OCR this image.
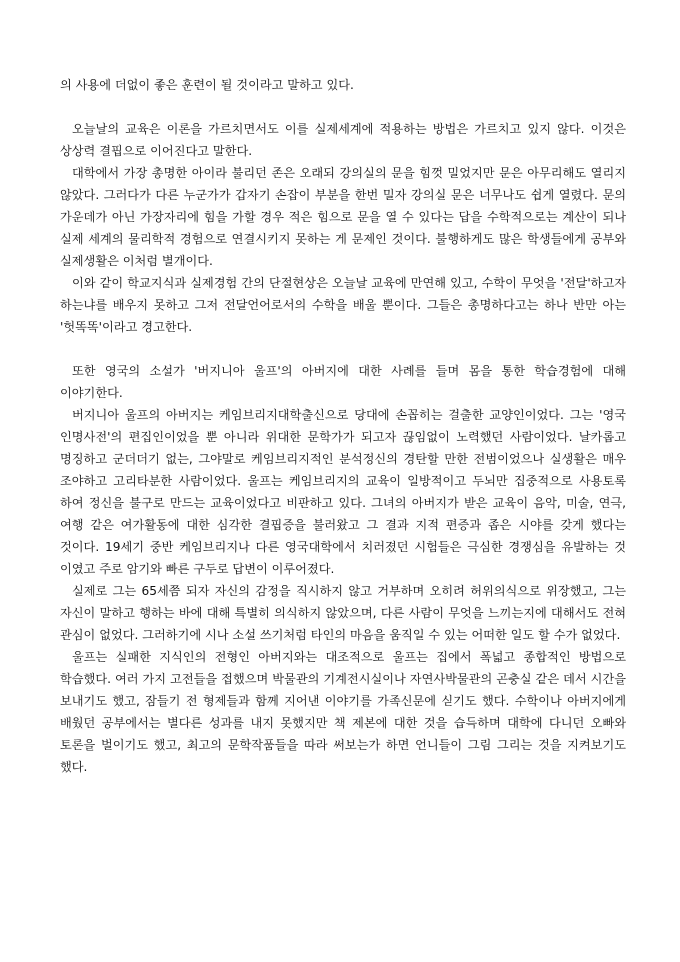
의 사용에 더없이 좋은 훈련이 될 것이라고 말하고 있다.

오늘날의 교육은 이론을 가르치면서도 이를 실제세계에 적용하는 방법은 가르치고 있지 않다. 이것은 상상력 결핍으로 이어진다고 말한다.

대학에서 가장 총명한 아이라 불리던 존은 오래되 강의실의 문을 힘껏 밀었지만 문은 아무리해도 열리지 않았다. 그러다가 다른 누군가가 갑자기 손잡이 부분을 한번 밀자 강의실 문은 너무나도 쉽게 열렸다. 문의 가운데가 아닌 가장자리에 힘을 가할 경우 적은 힘으로 문을 열 수 있다는 답을 수학적으로는 계산이 되나 실제 세계의 물리학적 경험으로 연결시키지 못하는 게 문제인 것이다. 불행하게도 많은 학생들에게 공부와 실제생활은 이처럼 별개이다.

이와 같이 학교지식과 실제경험 간의 단절현상은 오늘날 교육에 만연해 있고, 수학이 무엇을 '전달'하고자 하는냐를 배우지 못하고 그저 전달언어로서의 수학을 배울 뿐이다. 그들은 총명하다고는 하나 반만 아는 '헛똑똑'이라고 경고한다.

또한 영국의 소설가 '버지니아 울프'의 아버지에 대한 사례를 들며 몸을 통한 학습경험에 대해 이야기한다.

버지니아 울프의 아버지는 케임브리지대학출신으로 당대에 손꼽히는 걸출한 교양인이었다. 그는 '영국 인명사전'의 편집인이었을 뿐 아니라 위대한 문학가가 되고자 끊임없이 노력했던 사람이었다. 날카롭고 명징하고 군더더기 없는, 그야말로 케임브리지적인 분석정신의 경탄할 만한 전범이었으나 실생활은 매우 조야하고 고리타분한 사람이었다. 울프는 케임브리지의 교육이 일방적이고 두뇌만 집중적으로 사용토록 하여 정신을 불구로 만드는 교육이었다고 비판하고 있다. 그녀의 아버지가 받은 교육이 음악, 미술, 연극, 여행 같은 여가활동에 대한 심각한 결핍증을 불러왔고 그 결과 지적 편증과 좁은 시야를 갖게 했다는 것이다. 19세기 중반 케임브리지나 다른 영국대학에서 치러졌던 시험들은 극심한 경쟁심을 유발하는 것 이였고 주로 암기와 빠른 구두로 답변이 이루어졌다.

실제로 그는 65세쯤 되자 자신의 감정을 직시하지 않고 거부하며 오히려 허위의식으로 위장했고, 그는 자신이 말하고 행하는 바에 대해 특별히 의식하지 않았으며, 다른 사람이 무엇을 느끼는지에 대해서도 전혀 관심이 없었다. 그러하기에 시나 소설 쓰기처럼 타인의 마음을 움직일 수 있는 어떠한 일도 할 수가 없었다.

울프는 실패한 지식인의 전형인 아버지와는 대조적으로 울프는 집에서 폭넓고 종합적인 방법으로 학습했다. 여러 가지 고전들을 접했으며 박물관의 기계전시실이나 자연사박물관의 곤충실 같은 데서 시간을 보내기도 했고, 잠들기 전 형제들과 함께 지어낸 이야기를 가족신문에 싣기도 했다. 수학이나 아버지에게 배웠던 공부에서는 별다른 성과를 내지 못했지만 책 제본에 대한 것을 습득하며 대학에 다니던 오빠와 토론을 벌이기도 했고, 최고의 문학작품들을 따라 써보는가 하면 언니들이 그림 그리는 것을 지켜보기도 했다.
